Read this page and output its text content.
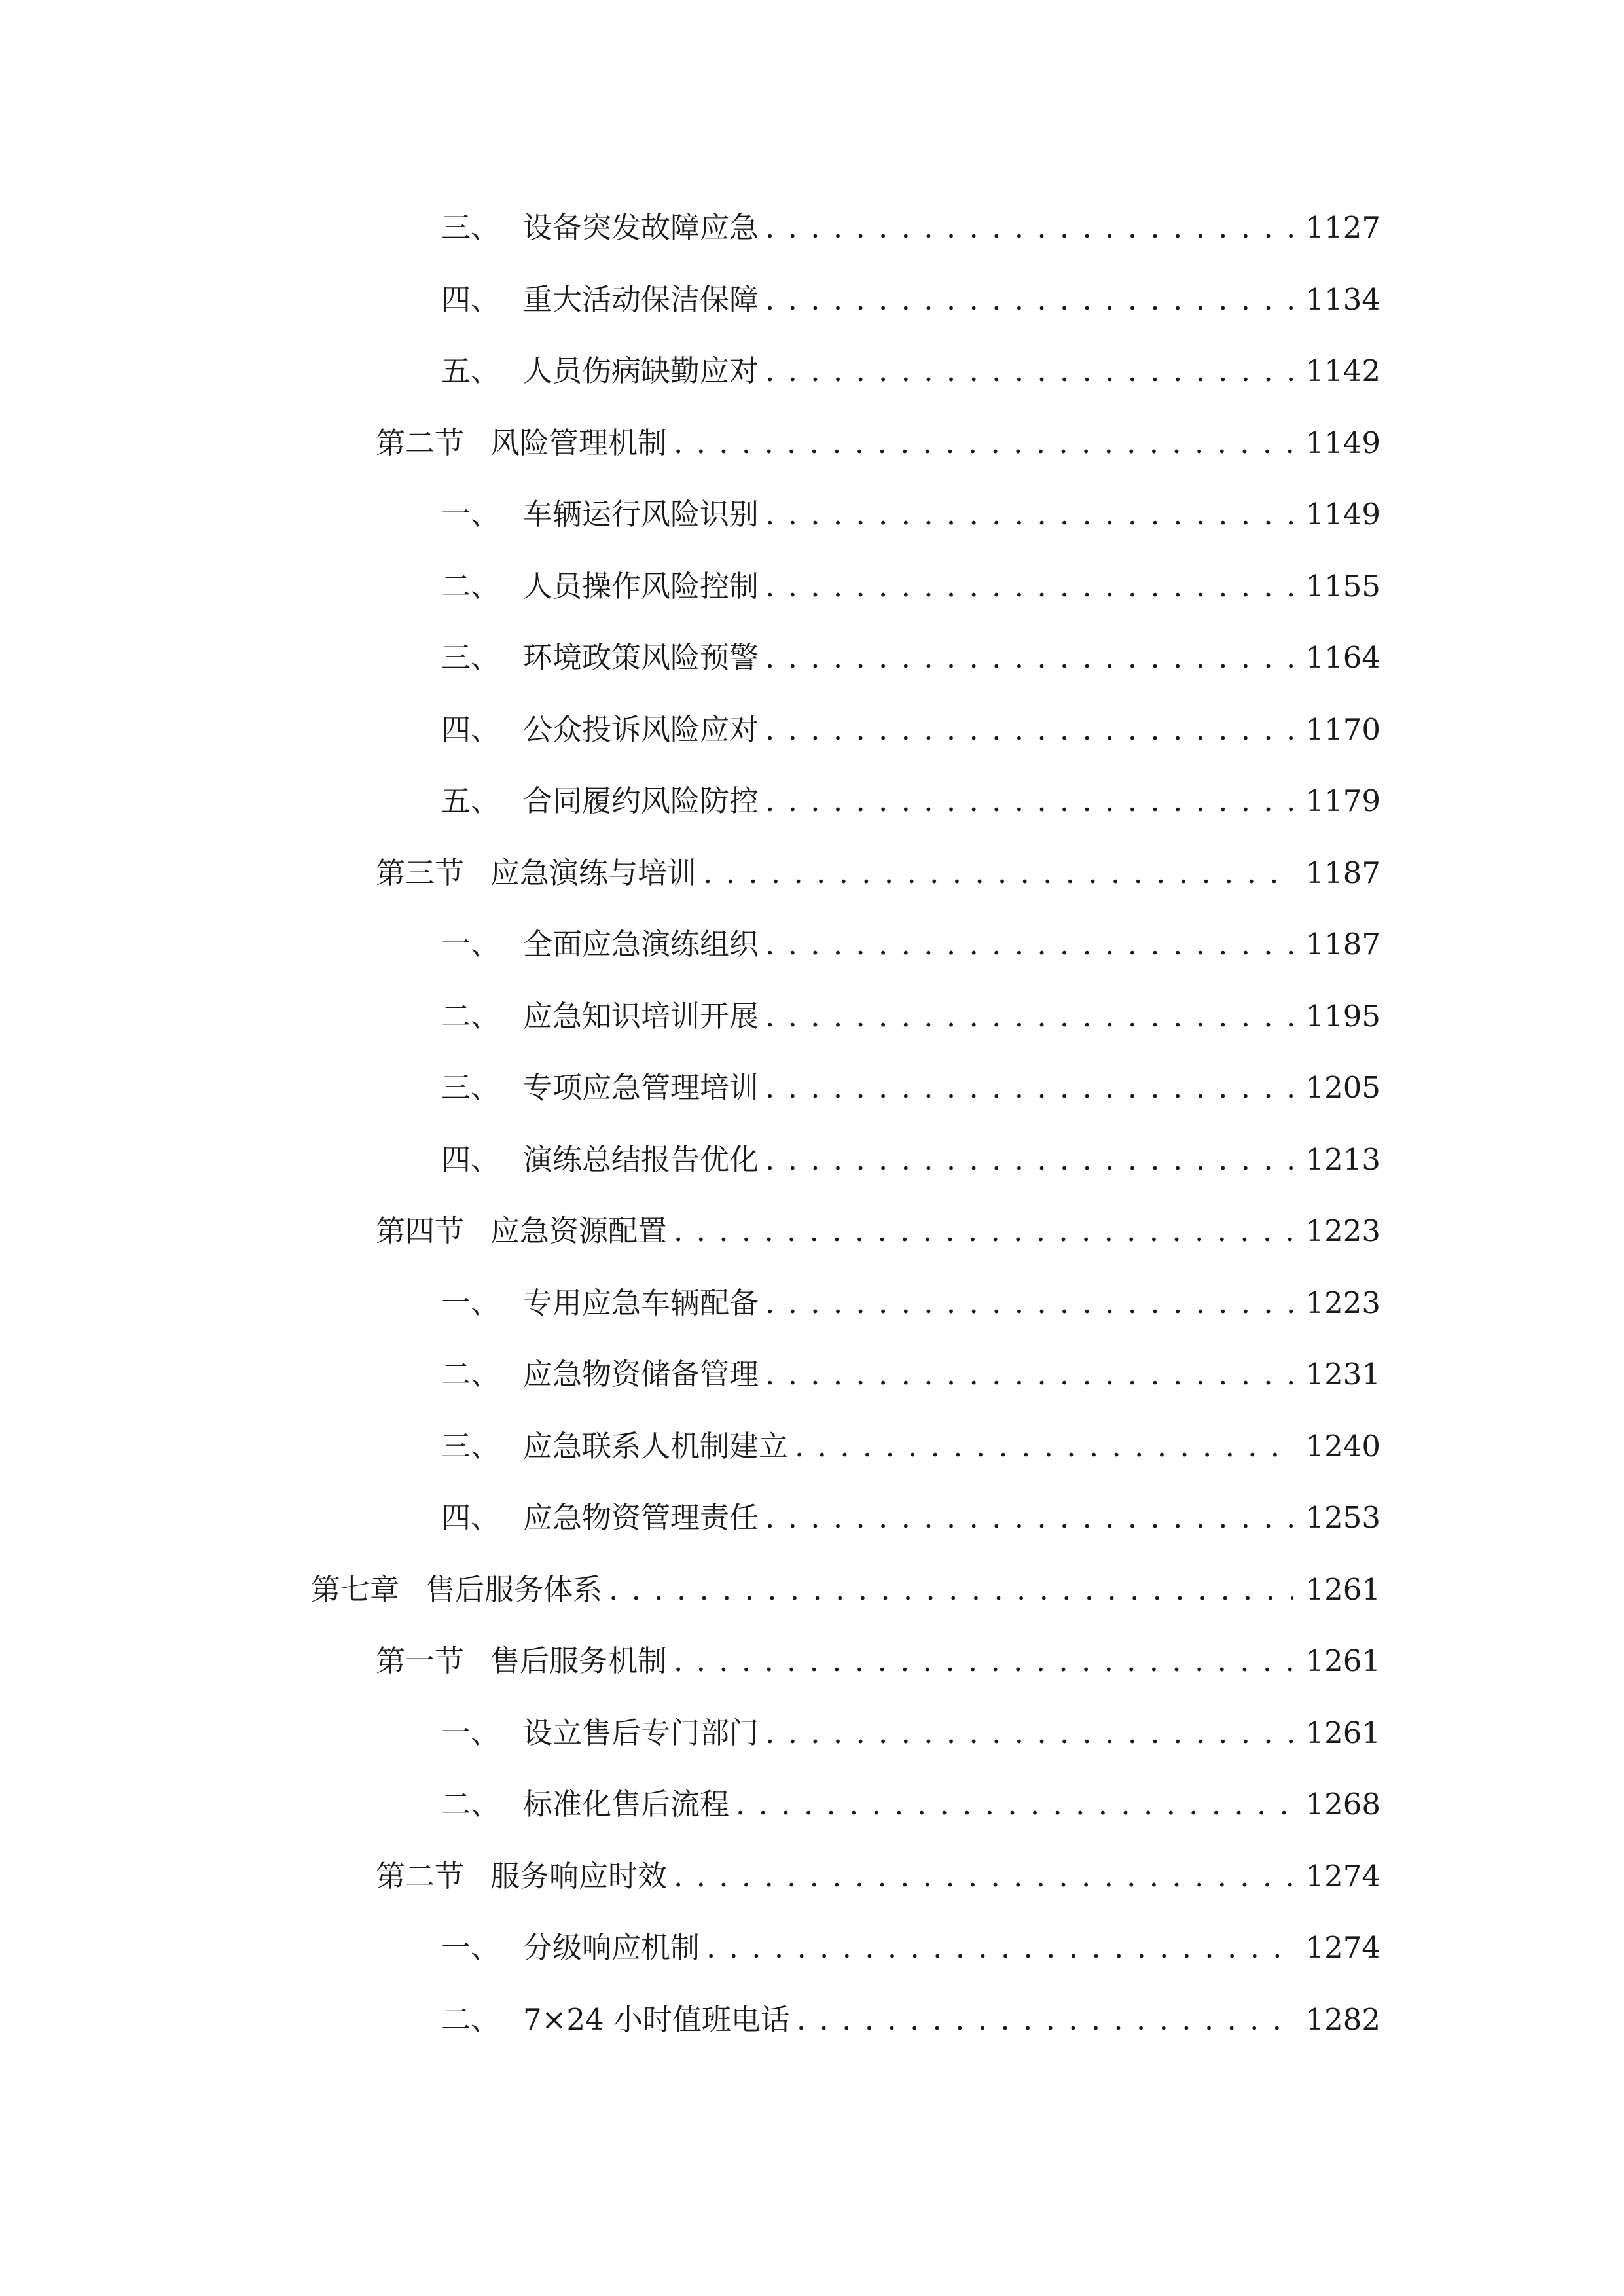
三、 设备突发故障应急 . . .	1127
四、 重大活动保洁保障 . . .	1134
五、 人员伤病缺勤应对 . . .	1142
第二节 风险管理机制 . . .	1149
一、 车辆运行风险识别 . . .	1149
二、 人员操作风险控制 . . .	1155
三、 环境政策风险预警 . . .	1164
四、 公众投诉风险应对 . . .	1170
五、 合同履约风险防控 . . .	1179
第三节 应急演练与培训 . . .	1187
一、 全面应急演练组织 . . .	1187
二、 应急知识培训开展 . . .	1195
三、 专项应急管理培训 . . .	1205
四、 演练总结报告优化 . . .	1213
第四节 应急资源配置 . . .	1223
一、 专用应急车辆配备 . . .	1223
二、 应急物资储备管理 . . .	1231
三、 应急联系人机制建立 . . .	1240
四、 应急物资管理责任 . . .	1253
第七章 售后服务体系 . . .	1261
第一节 售后服务机制 . . .	1261
一、 设立售后专门部门 . . .	1261
二、 标准化售后流程 . . .	1268
第二节 服务响应时效 . . .	1274
一、 分级响应机制 . . .	1274
二、 7×24 小时值班电话 . . .	1282
